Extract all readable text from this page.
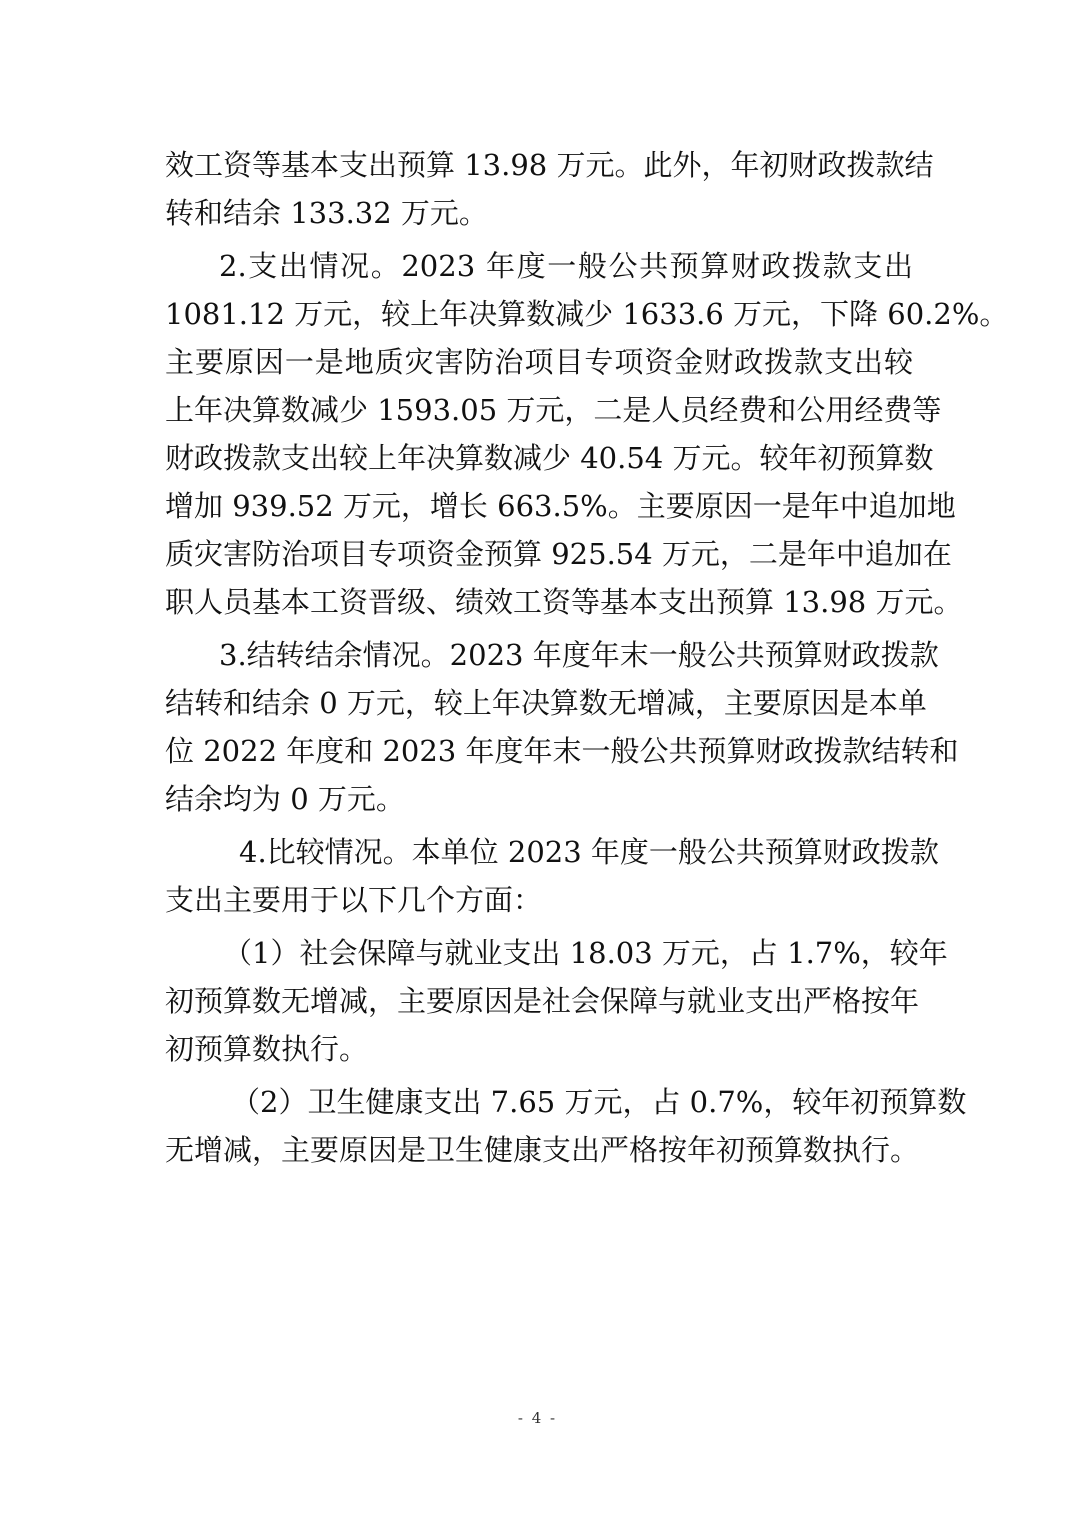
效工资等基本支出预算 13.98 万元。此外，年初财政拨款结

转和结余 133.32 万元。

2.支出情况。2023 年度一般公共预算财政拨款支出

1081.12 万元，较上年决算数减少 1633.6 万元，下降 60.2%。

主要原因一是地质灾害防治项目专项资金财政拨款支出较

上年决算数减少 1593.05 万元，二是人员经费和公用经费等

财政拨款支出较上年决算数减少 40.54 万元。较年初预算数

增加 939.52 万元，增长 663.5%。主要原因一是年中追加地

质灾害防治项目专项资金预算 925.54 万元，二是年中追加在

职人员基本工资晋级、绩效工资等基本支出预算 13.98 万元。

3.结转结余情况。2023 年度年末一般公共预算财政拨款

结转和结余 0 万元，较上年决算数无增减，主要原因是本单

位 2022 年度和 2023 年度年末一般公共预算财政拨款结转和

结余均为 0 万元。

4.比较情况。本单位 2023 年度一般公共预算财政拨款

支出主要用于以下几个方面：

（1）社会保障与就业支出 18.03 万元，占 1.7%，较年

初预算数无增减，主要原因是社会保障与就业支出严格按年

初预算数执行。

（2）卫生健康支出 7.65 万元，占 0.7%，较年初预算数

无增减，主要原因是卫生健康支出严格按年初预算数执行。

- 4 -
